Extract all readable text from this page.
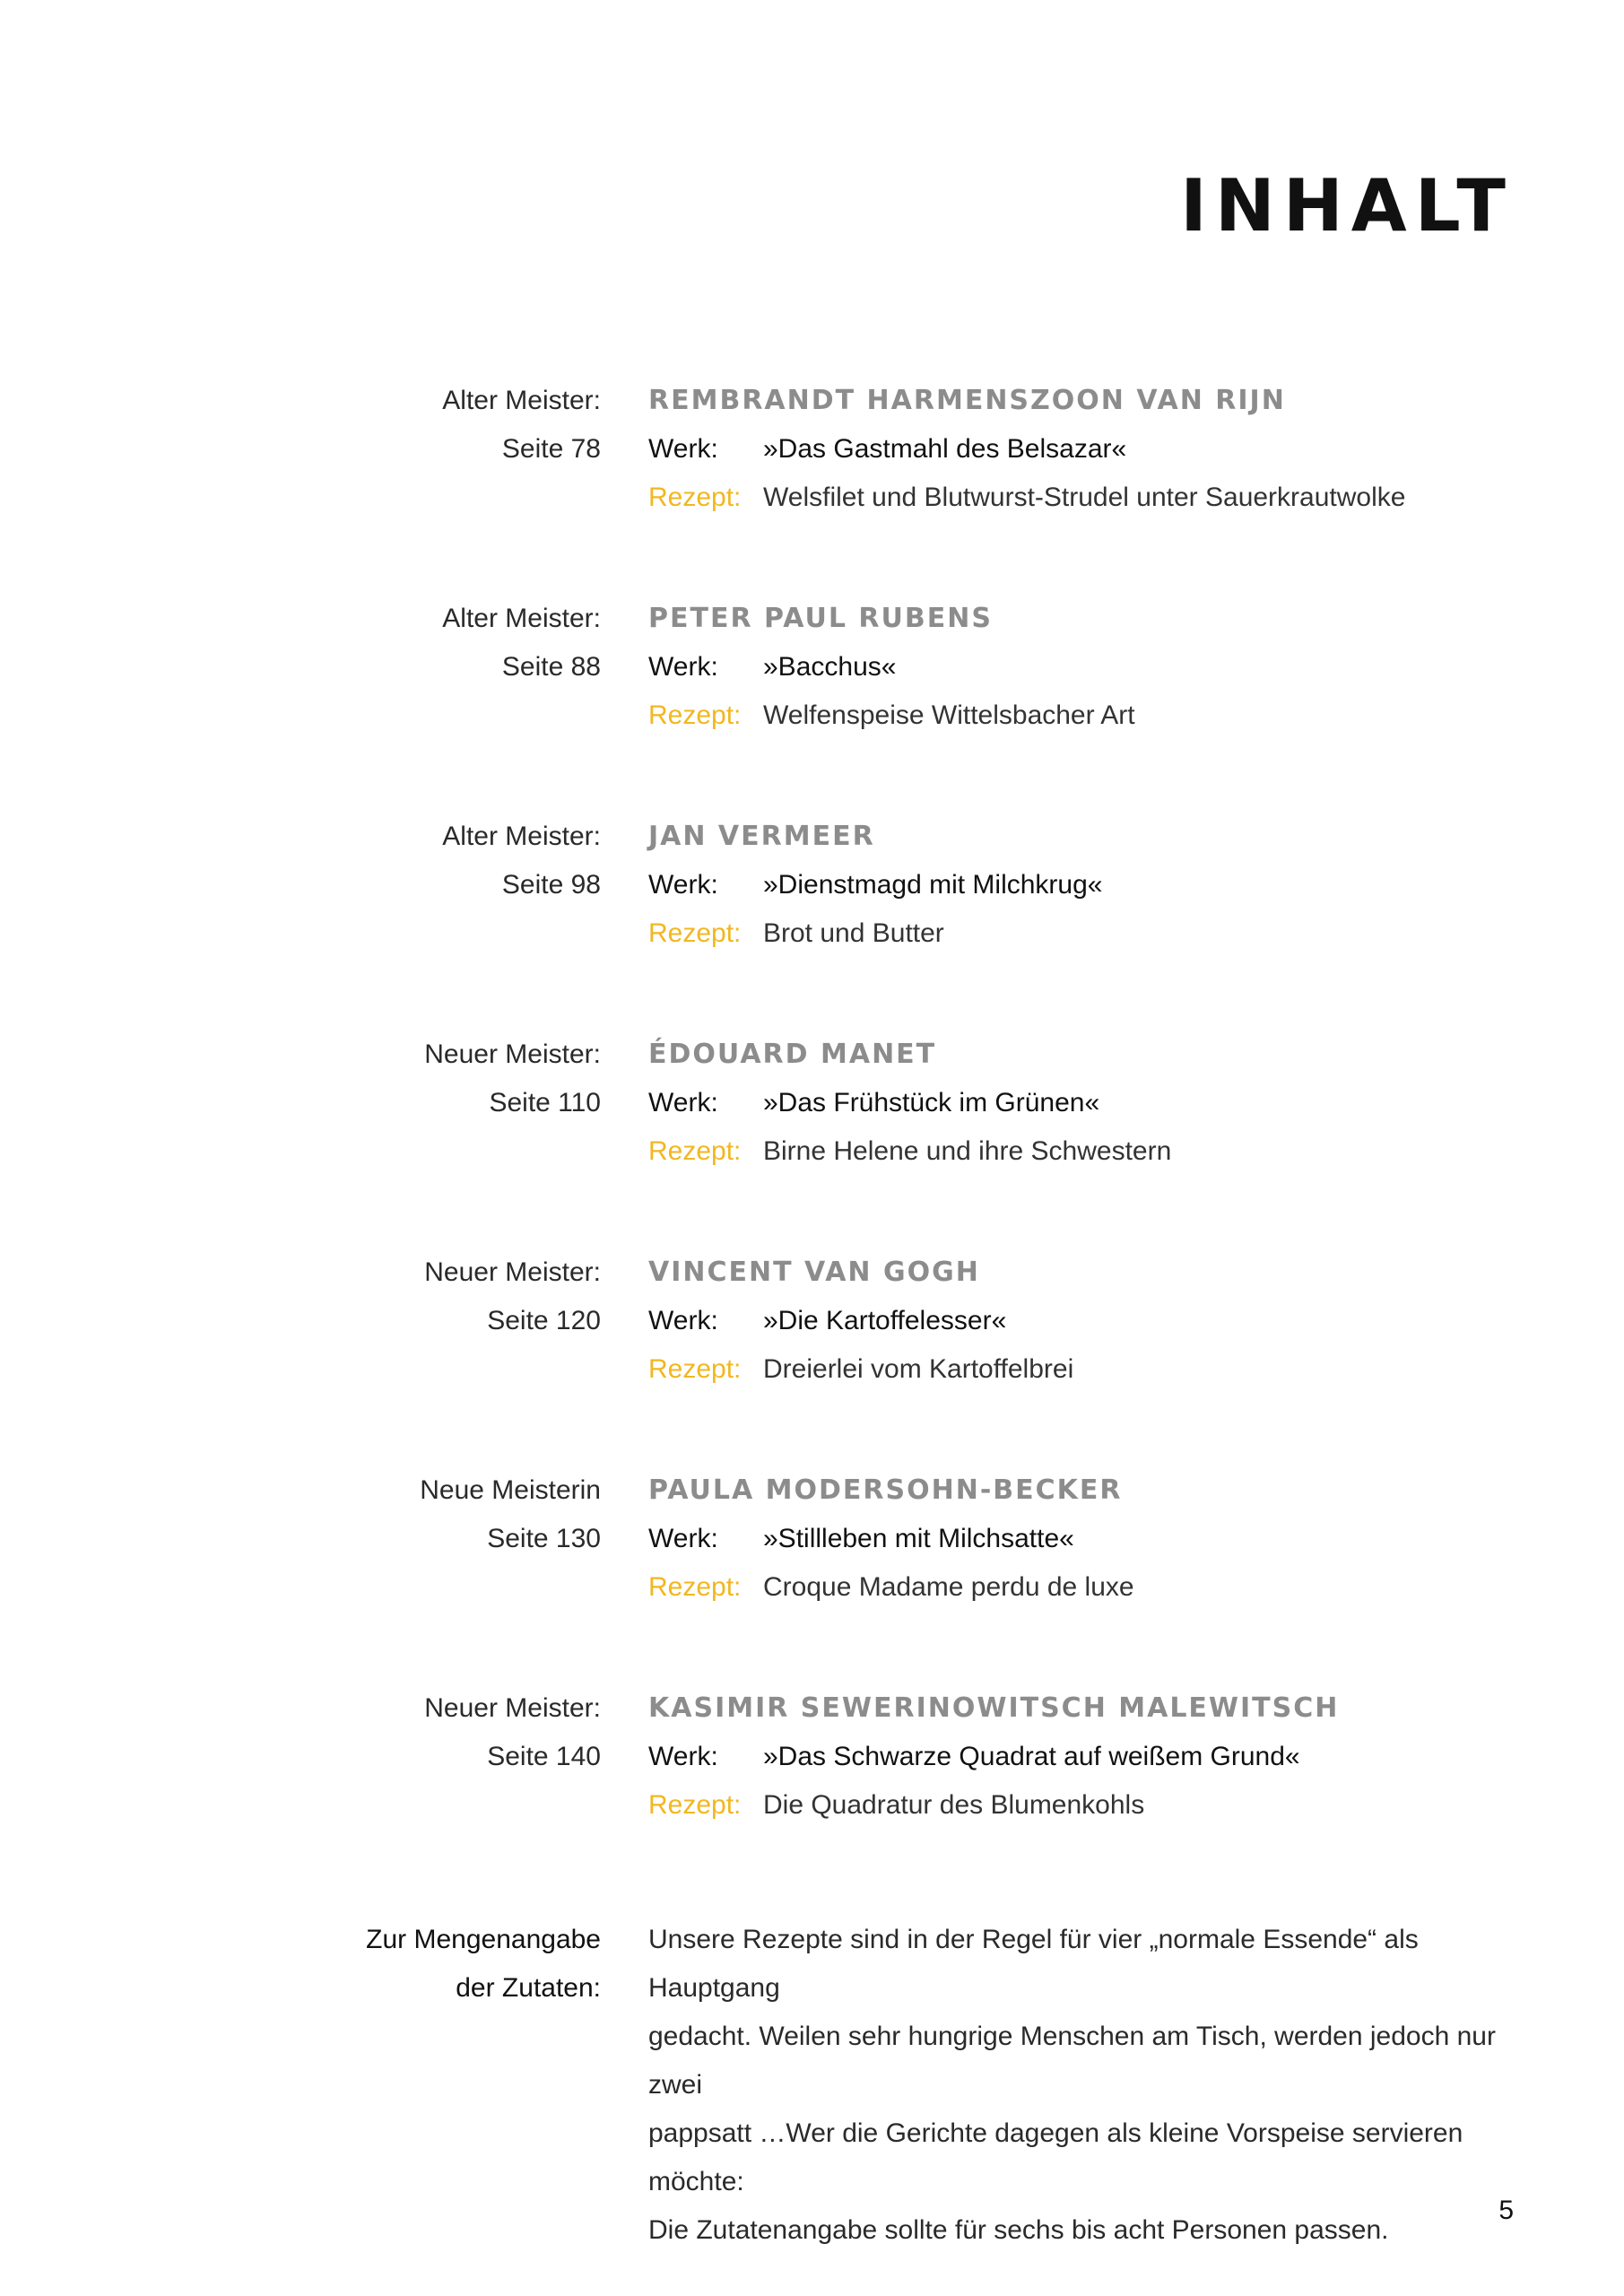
INHALT
Alter Meister:
Seite 78
REMBRANDT HARMENSZOON VAN RIJN
Werk: »Das Gastmahl des Belsazar«
Rezept: Welsfilet und Blutwurst-Strudel unter Sauerkrautwolke
Alter Meister:
Seite 88
PETER PAUL RUBENS
Werk: »Bacchus«
Rezept: Welfenspeise Wittelsbacher Art
Alter Meister:
Seite 98
JAN VERMEER
Werk: »Dienstmagd mit Milchkrug«
Rezept: Brot und Butter
Neuer Meister:
Seite 110
ÉDOUARD MANET
Werk: »Das Frühstück im Grünen«
Rezept: Birne Helene und ihre Schwestern
Neuer Meister:
Seite 120
VINCENT VAN GOGH
Werk: »Die Kartoffelesser«
Rezept: Dreierlei vom Kartoffelbrei
Neue Meisterin
Seite 130
PAULA MODERSOHN-BECKER
Werk: »Stillleben mit Milchsatte«
Rezept: Croque Madame perdu de luxe
Neuer Meister:
Seite 140
KASIMIR SEWERINOWITSCH MALEWITSCH
Werk: »Das Schwarze Quadrat auf weißem Grund«
Rezept: Die Quadratur des Blumenkohls
Zur Mengenangabe
der Zutaten:
Unsere Rezepte sind in der Regel für vier „normale Essende“ als Hauptgang
gedacht. Weilen sehr hungrige Menschen am Tisch, werden jedoch nur zwei
pappsatt …Wer die Gerichte dagegen als kleine Vorspeise servieren möchte:
Die Zutatenangabe sollte für sechs bis acht Personen passen.
5
